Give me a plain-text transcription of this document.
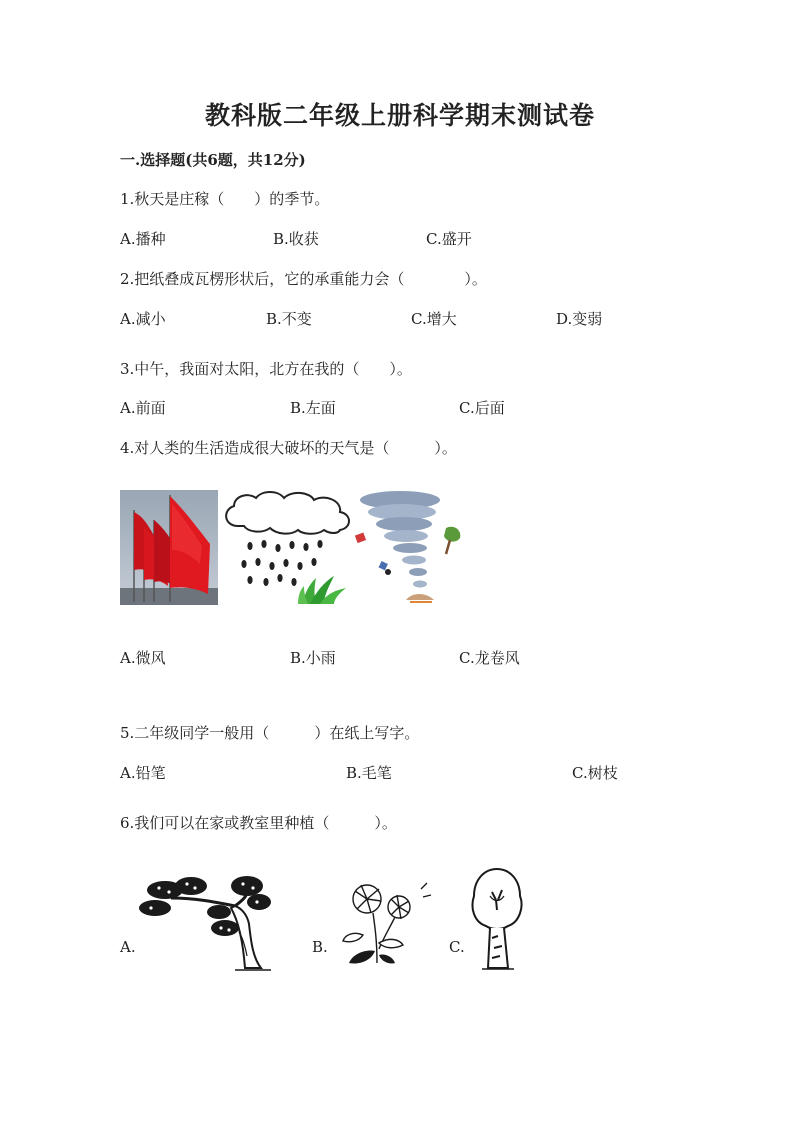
教科版二年级上册科学期末测试卷
一.选择题(共6题，共12分)
1.秋天是庄稼（　　）的季节。
A.播种	B.收获	C.盛开
2.把纸叠成瓦楞形状后，它的承重能力会（　　　　）。
A.减小	B.不变	C.增大	D.变弱
3.中午，我面对太阳，北方在我的（　　）。
A.前面	B.左面	C.后面
4.对人类的生活造成很大破坏的天气是（　　　）。
A.微风	B.小雨	C.龙卷风
5.二年级同学一般用（　　　）在纸上写字。
A.铅笔	B.毛笔	C.树枝
6.我们可以在家或教室里种植（　　　）。
A.	B.	C.
